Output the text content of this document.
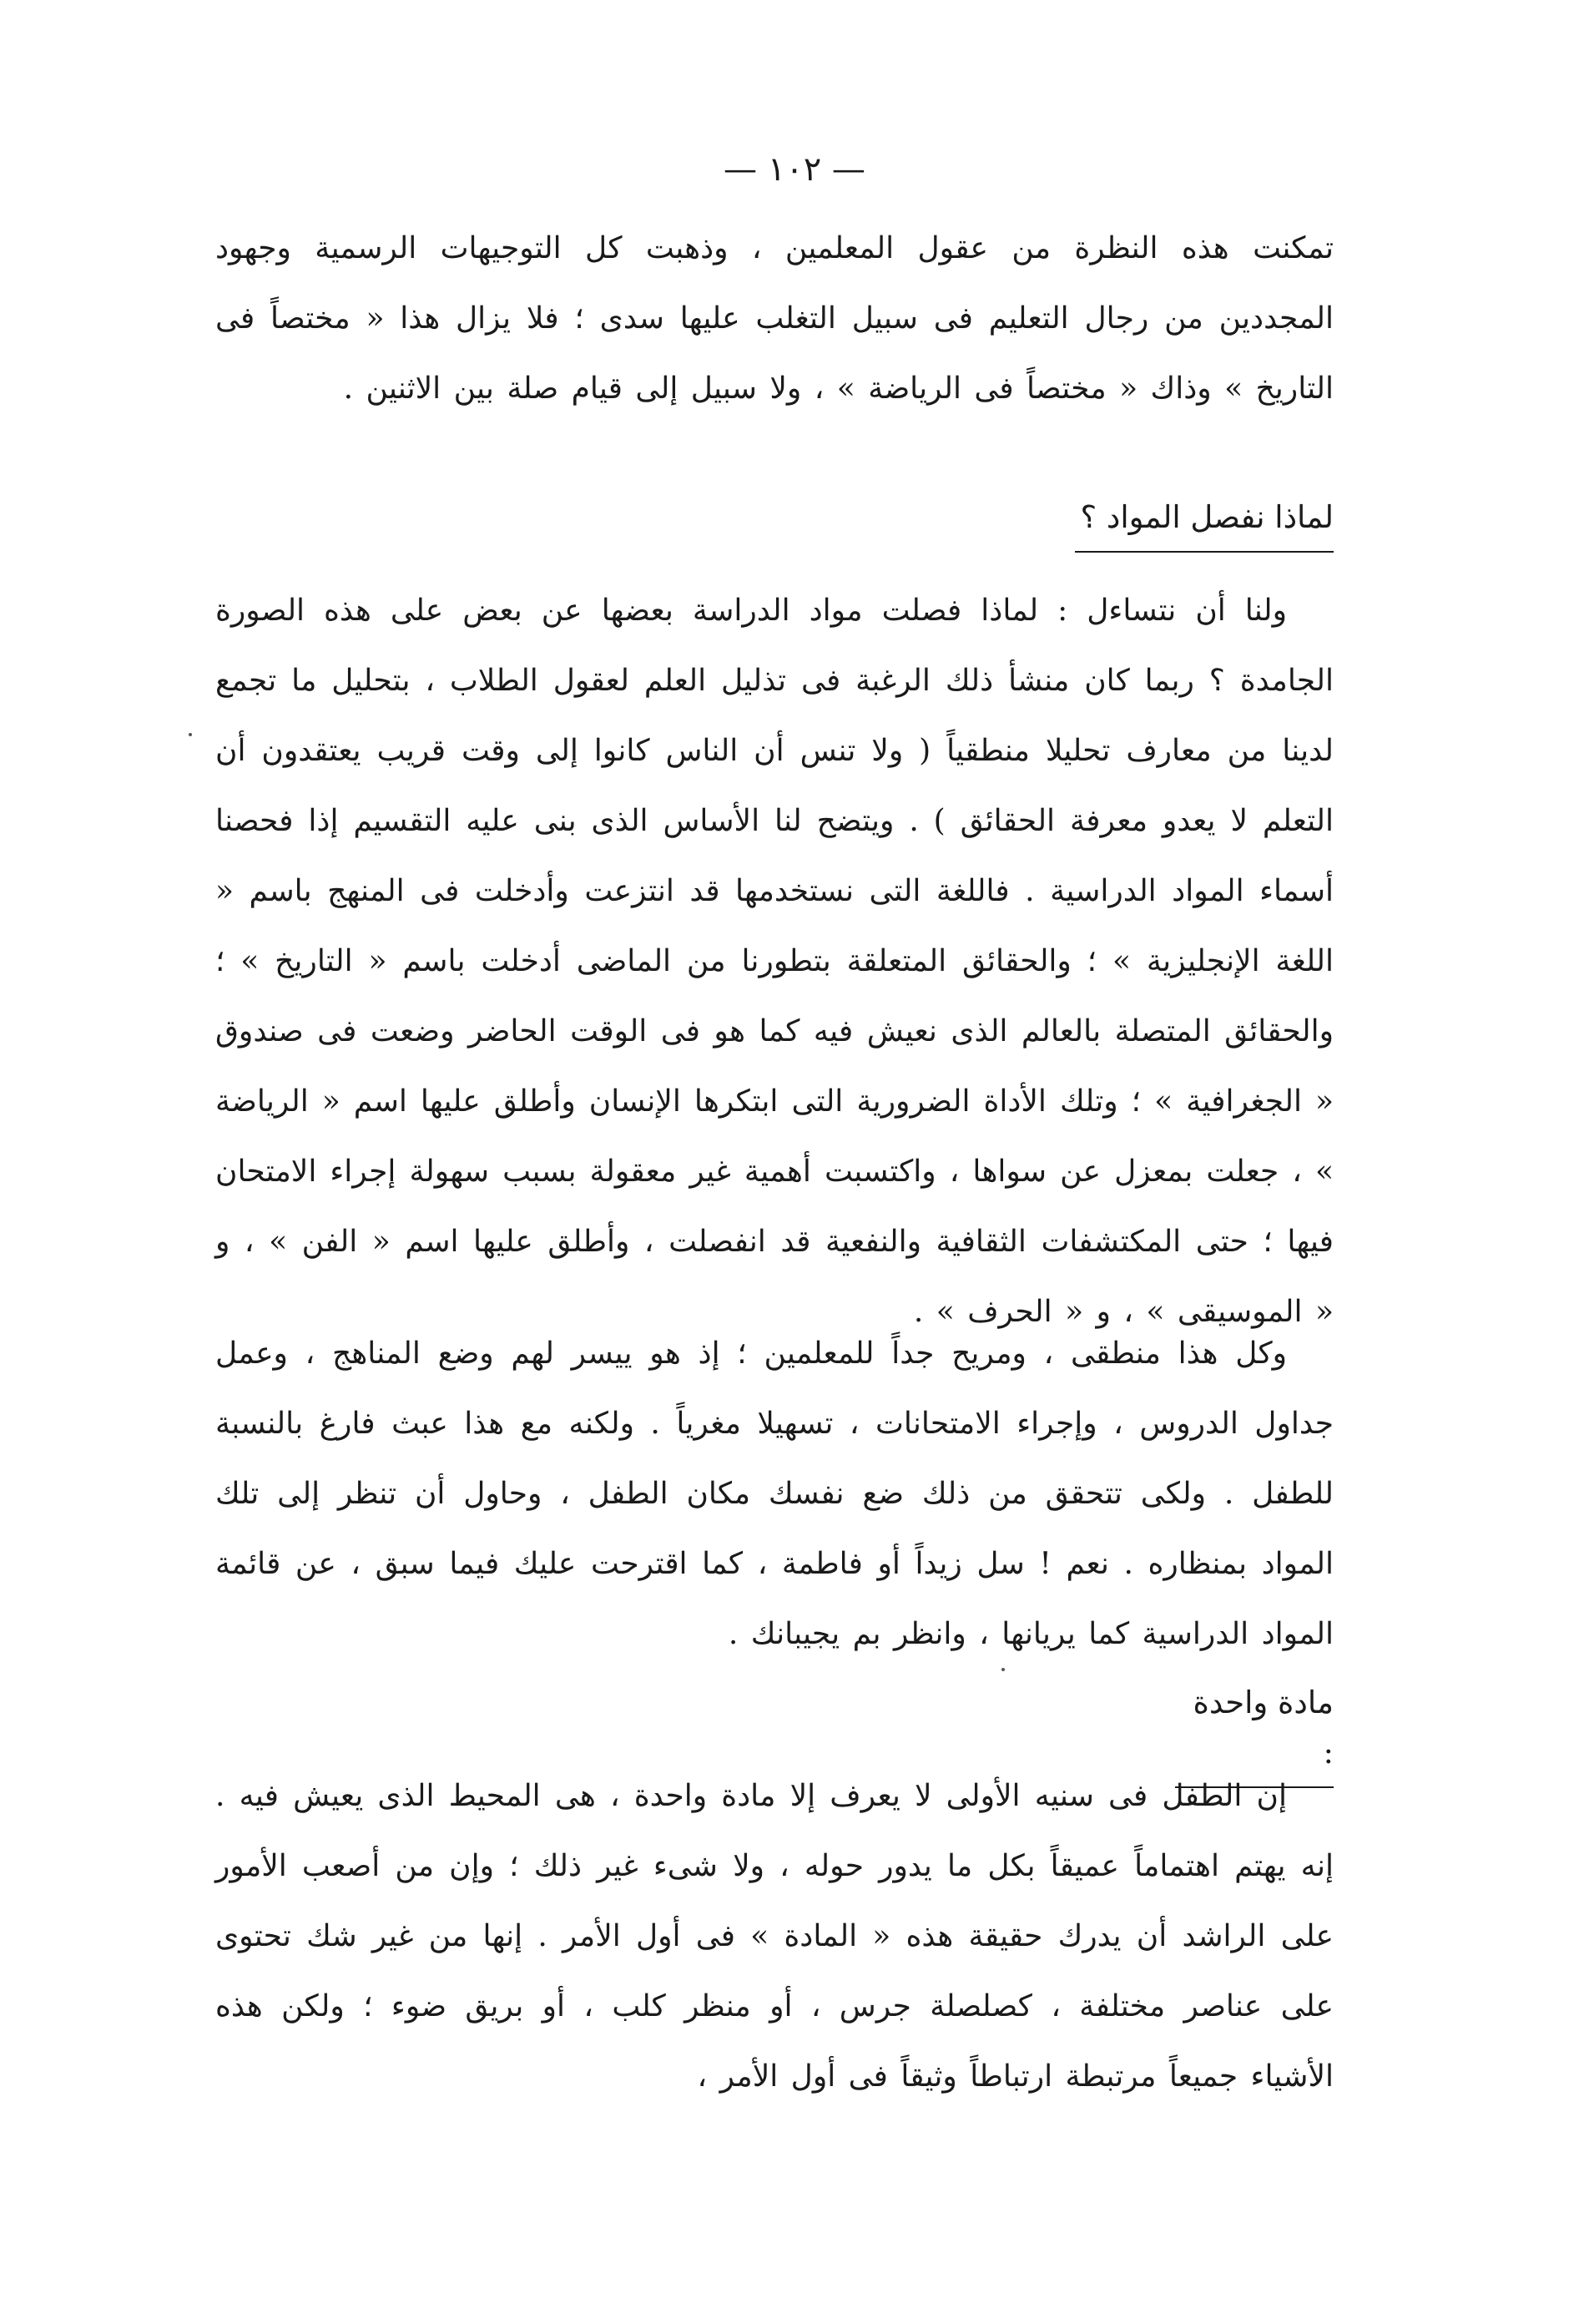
— ١٠٢ —

تمكنت هذه النظرة من عقول المعلمين ، وذهبت كل التوجيهات الرسمية وجهود المجددين من رجال التعليم فى سبيل التغلب عليها سدى ؛ فلا يزال هذا « مختصاً فى التاريخ » وذاك « مختصاً فى الرياضة » ، ولا سبيل إلى قيام صلة بين الاثنين .

لماذا نفصل المواد ؟

ولنا أن نتساءل : لماذا فصلت مواد الدراسة بعضها عن بعض على هذه الصورة الجامدة ؟ ربما كان منشأ ذلك الرغبة فى تذليل العلم لعقول الطلاب ، بتحليل ما تجمع لدينا من معارف تحليلا منطقياً ( ولا تنس أن الناس كانوا إلى وقت قريب يعتقدون أن التعلم لا يعدو معرفة الحقائق ) . ويتضح لنا الأساس الذى بنى عليه التقسيم إذا فحصنا أسماء المواد الدراسية . فاللغة التى نستخدمها قد انتزعت وأدخلت فى المنهج باسم « اللغة الإنجليزية » ؛ والحقائق المتعلقة بتطورنا من الماضى أدخلت باسم « التاريخ » ؛ والحقائق المتصلة بالعالم الذى نعيش فيه كما هو فى الوقت الحاضر وضعت فى صندوق « الجغرافية » ؛ وتلك الأداة الضرورية التى ابتكرها الإنسان وأطلق عليها اسم « الرياضة » ، جعلت بمعزل عن سواها ، واكتسبت أهمية غير معقولة بسبب سهولة إجراء الامتحان فيها ؛ حتى المكتشفات الثقافية والنفعية قد انفصلت ، وأطلق عليها اسم « الفن » ، و « الموسيقى » ، و « الحرف » .

وكل هذا منطقى ، ومريح جداً للمعلمين ؛ إذ هو ييسر لهم وضع المناهج ، وعمل جداول الدروس ، وإجراء الامتحانات ، تسهيلا مغرياً . ولكنه مع هذا عبث فارغ بالنسبة للطفل . ولكى تتحقق من ذلك ضع نفسك مكان الطفل ، وحاول أن تنظر إلى تلك المواد بمنظاره . نعم ! سل زيداً أو فاطمة ، كما اقترحت عليك فيما سبق ، عن قائمة المواد الدراسية كما يريانها ، وانظر بم يجيبانك .

مادة واحدة :

إن الطفل فى سنيه الأولى لا يعرف إلا مادة واحدة ، هى المحيط الذى يعيش فيه . إنه يهتم اهتماماً عميقاً بكل ما يدور حوله ، ولا شىء غير ذلك ؛ وإن من أصعب الأمور على الراشد أن يدرك حقيقة هذه « المادة » فى أول الأمر . إنها من غير شك تحتوى على عناصر مختلفة ، كصلصلة جرس ، أو منظر كلب ، أو بريق ضوء ؛ ولكن هذه الأشياء جميعاً مرتبطة ارتباطاً وثيقاً فى أول الأمر ،
